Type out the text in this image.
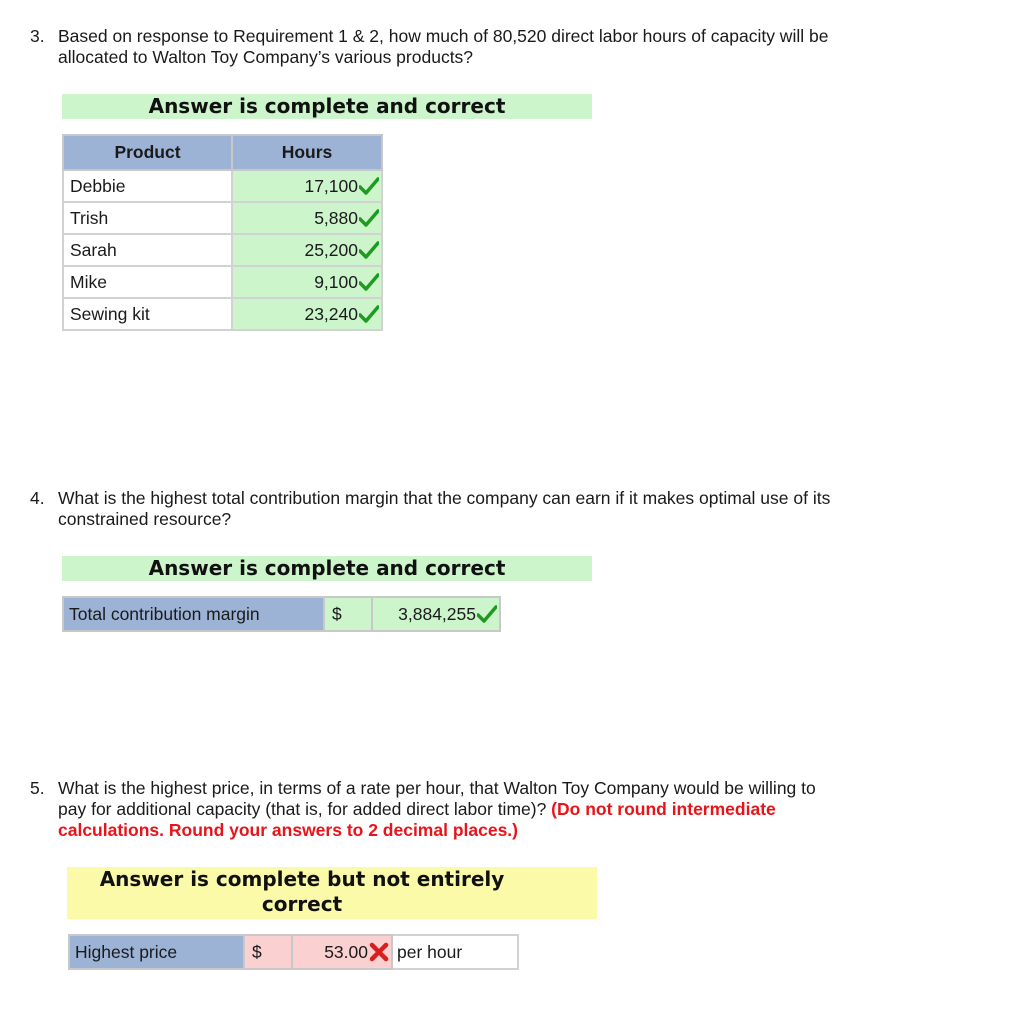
3. Based on response to Requirement 1 & 2, how much of 80,520 direct labor hours of capacity will be
allocated to Walton Toy Company’s various products?
Answer is complete and correct
Product	Hours
Debbie	17,100
Trish	5,880
Sarah	25,200
Mike	9,100
Sewing kit	23,240
4. What is the highest total contribution margin that the company can earn if it makes optimal use of its
constrained resource?
Answer is complete and correct
Total contribution margin	$	3,884,255
5. What is the highest price, in terms of a rate per hour, that Walton Toy Company would be willing to
pay for additional capacity (that is, for added direct labor time)? (Do not round intermediate
calculations. Round your answers to 2 decimal places.)
Answer is complete but not entirely
correct
Highest price	$	53.00 per hour
